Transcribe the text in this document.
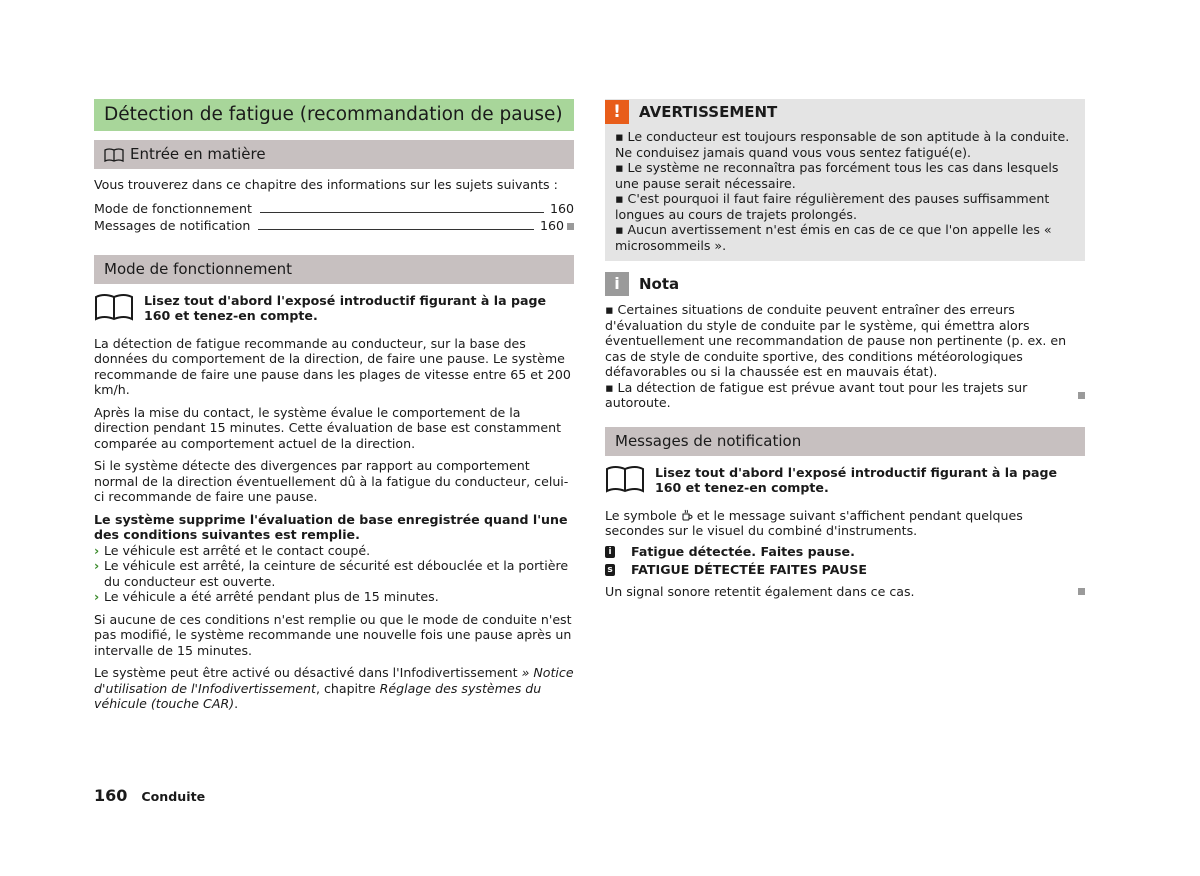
Détection de fatigue (recommandation de pause)
Entrée en matière

Vous trouverez dans ce chapitre des informations sur les sujets suivants :

Mode de fonctionnement	160
Messages de notification	160
Mode de fonctionnement
Lisez tout d'abord l'exposé introductif figurant à la page 160 et tenez-en compte.

La détection de fatigue recommande au conducteur, sur la base des données du comportement de la direction, de faire une pause. Le système recommande de faire une pause dans les plages de vitesse entre 65 et 200 km/h.

Après la mise du contact, le système évalue le comportement de la direction pendant 15 minutes. Cette évaluation de base est constamment comparée au comportement actuel de la direction.

Si le système détecte des divergences par rapport au comportement normal de la direction éventuellement dû à la fatigue du conducteur, celui-ci recommande de faire une pause.

Le système supprime l'évaluation de base enregistrée quand l'une des conditions suivantes est remplie.

› Le véhicule est arrêté et le contact coupé.
› Le véhicule est arrêté, la ceinture de sécurité est débouclée et la portière du conducteur est ouverte.
› Le véhicule a été arrêté pendant plus de 15 minutes.

Si aucune de ces conditions n'est remplie ou que le mode de conduite n'est pas modifié, le système recommande une nouvelle fois une pause après un intervalle de 15 minutes.

Le système peut être activé ou désactivé dans l'Infodivertissement » Notice d'utilisation de l'Infodivertissement, chapitre Réglage des systèmes du véhicule (touche CAR).

!	AVERTISSEMENT

▪ Le conducteur est toujours responsable de son aptitude à la conduite. Ne conduisez jamais quand vous vous sentez fatigué(e).

▪ Le système ne reconnaîtra pas forcément tous les cas dans lesquels une pause serait nécessaire.

▪ C'est pourquoi il faut faire régulièrement des pauses suffisamment longues au cours de trajets prolongés.

▪ Aucun avertissement n'est émis en cas de ce que l'on appelle les « microsommeils ».

i	Nota

▪ Certaines situations de conduite peuvent entraîner des erreurs d'évaluation du style de conduite par le système, qui émettra alors éventuellement une recommandation de pause non pertinente (p. ex. en cas de style de conduite sportive, des conditions météorologiques défavorables ou si la chaussée est en mauvais état).

▪ La détection de fatigue est prévue avant tout pour les trajets sur autoroute.

Messages de notification
Lisez tout d'abord l'exposé introductif figurant à la page 160 et tenez-en compte.

Le symbole  et le message suivant s'affichent pendant quelques secondes sur le visuel du combiné d'instruments.

i Fatigue détectée. Faites pause.
s FATIGUE DÉTECTÉE FAITES PAUSE

Un signal sonore retentit également dans ce cas.

160 Conduite
